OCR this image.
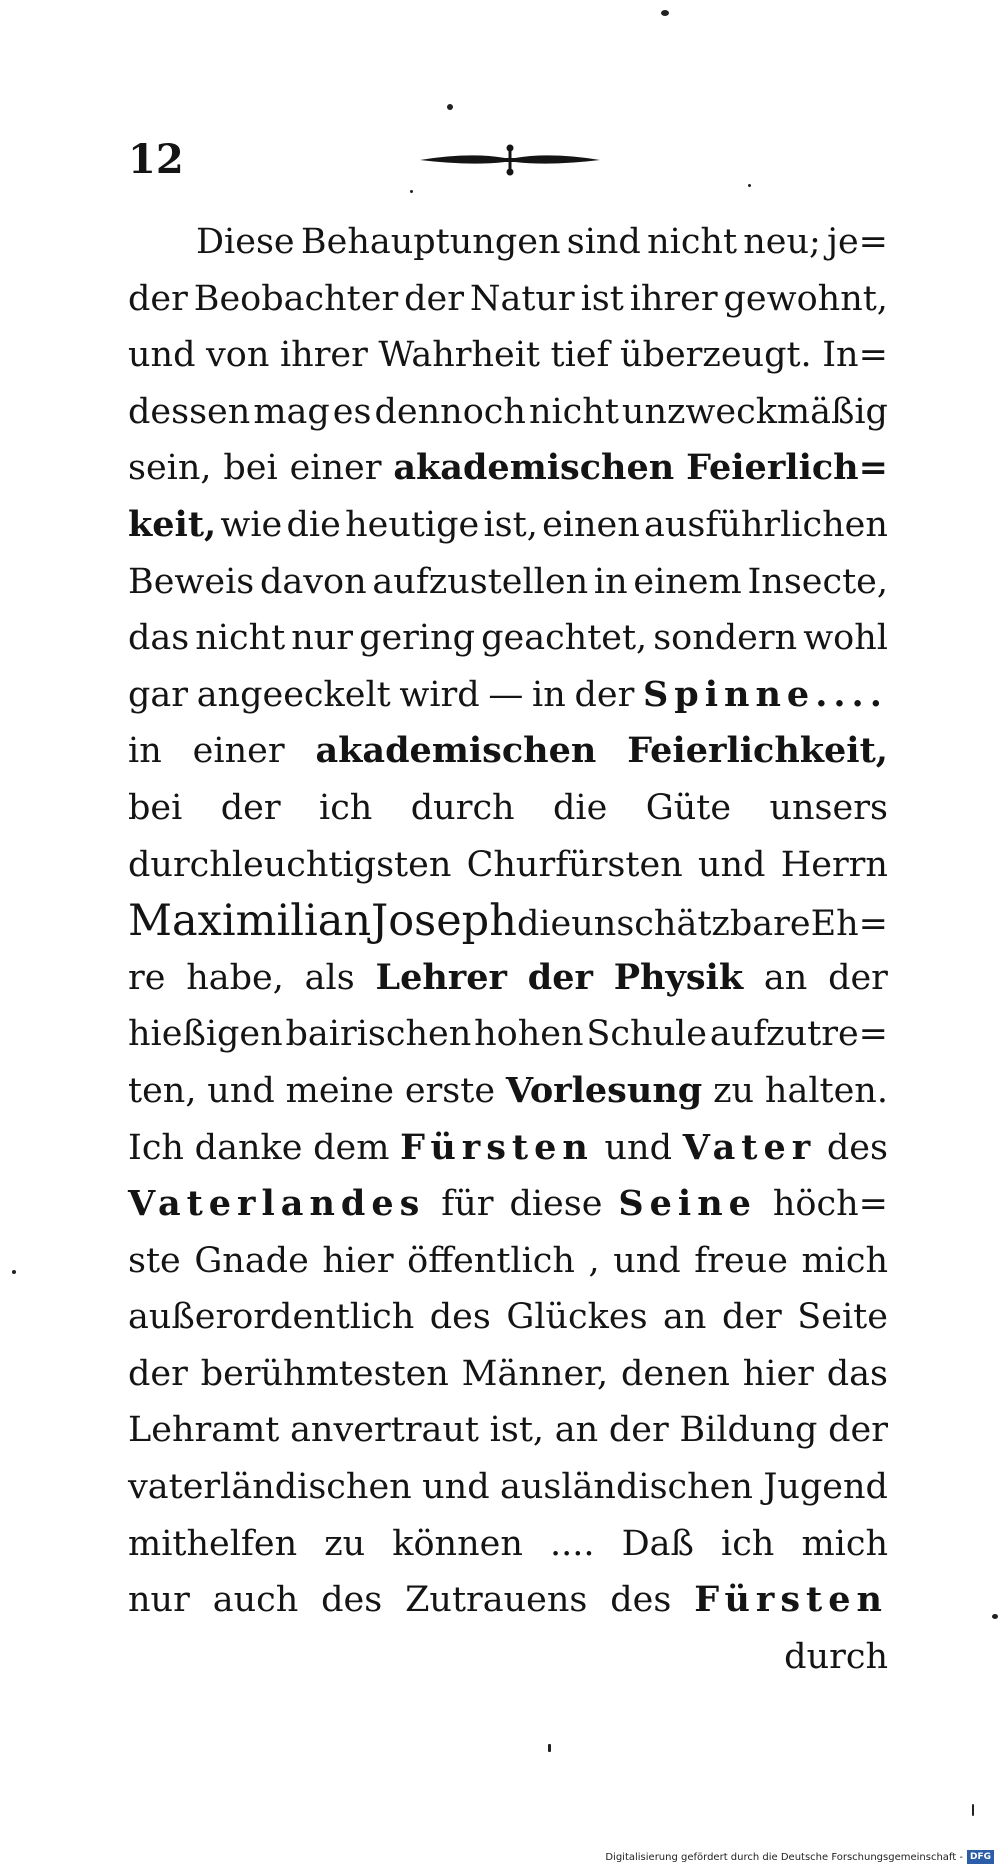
12
Diese Behauptungen sind nicht neu; je=
der Beobachter der Natur ist ihrer gewohnt,
und von ihrer Wahrheit tief überzeugt. In=
dessen mag es dennoch nicht unzweckmäßig
sein, bei einer akademischen Feierlich=
keit, wie die heutige ist, einen ausführlichen
Beweis davon aufzustellen in einem Insecte,
das nicht nur gering geachtet, sondern wohl
gar angeeckelt wird — in der Spinne....
in einer akademischen Feierlichkeit,
bei der ich durch die Güte unsers
durchleuchtigsten Churfürsten und Herrn
Maximilian Joseph die unschätzbare Eh=
re habe, als Lehrer der Physik an der
hießigen bairischen hohen Schule aufzutre=
ten, und meine erste Vorlesung zu halten.
Ich danke dem Fürsten und Vater des
Vaterlandes für diese Seine höch=
ste Gnade hier öffentlich , und freue mich
außerordentlich des Glückes an der Seite
der berühmtesten Männer, denen hier das
Lehramt anvertraut ist, an der Bildung der
vaterländischen und ausländischen Jugend
mithelfen zu können .... Daß ich mich
nur auch des Zutrauens des Fürsten
durch
Digitalisierung gefördert durch die Deutsche Forschungsgemeinschaft - DFG
